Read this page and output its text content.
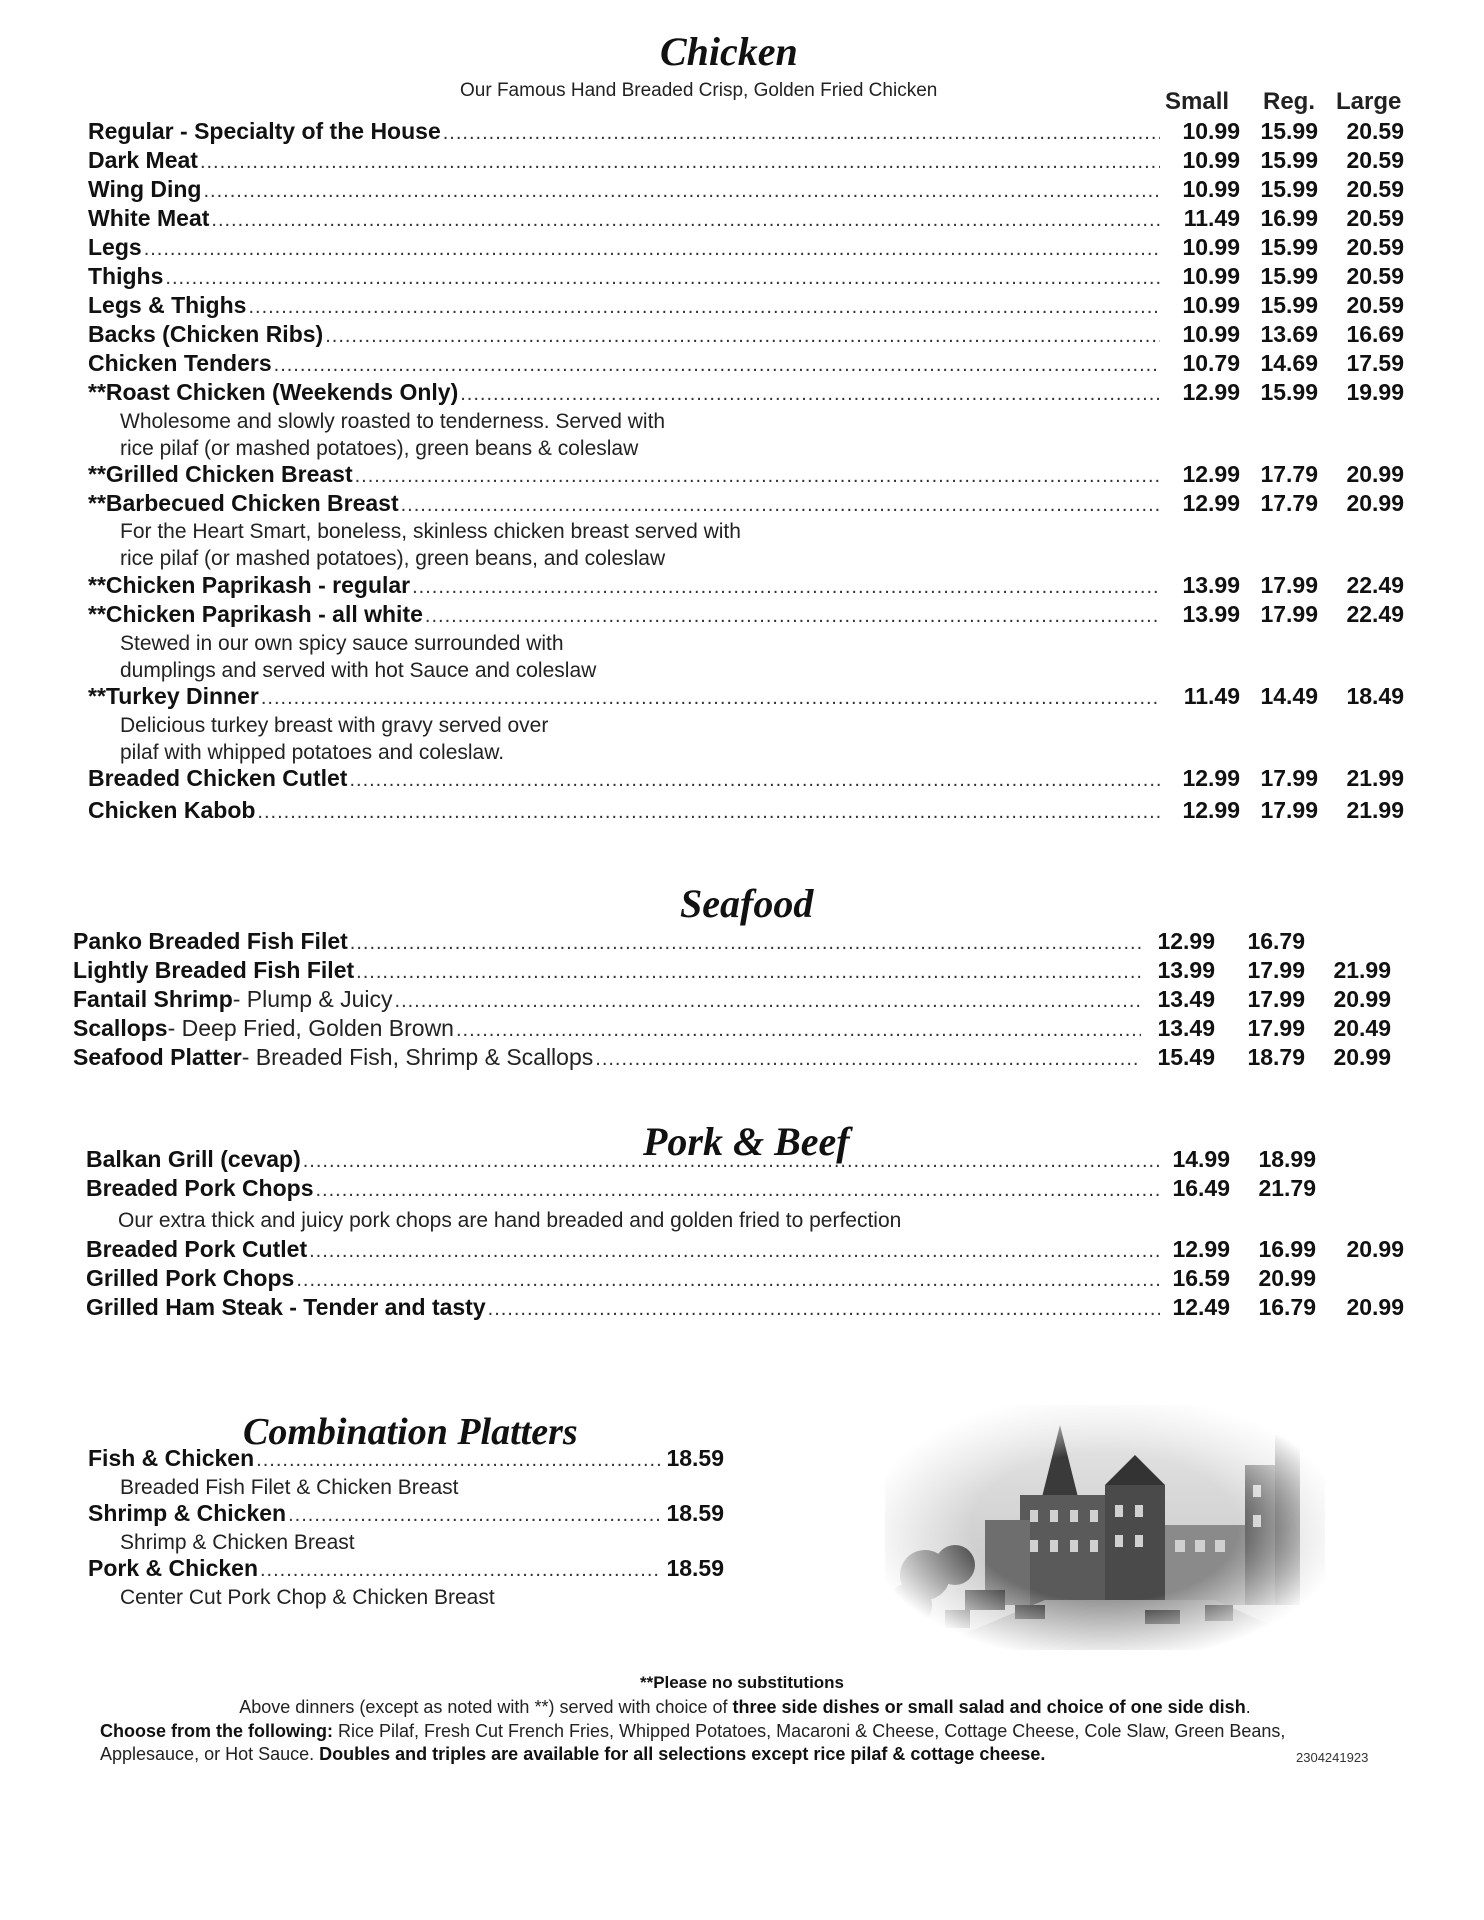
Chicken
Our Famous Hand Breaded Crisp, Golden Fried Chicken	Small Reg. Large
Regular - Specialty of the House .....	10.99 15.99	20.59
Dark Meat .....	10.99 15.99	20.59
Wing Ding .....	10.99 15.99	20.59
White Meat .....	11.49 16.99	20.59
Legs .....	10.99 15.99	20.59
Thighs .....	10.99 15.99	20.59
Legs & Thighs .....	10.99 15.99	20.59
Backs (Chicken Ribs) .....	10.99 13.69	16.69
Chicken Tenders .....	10.79 14.69	17.59
**Roast Chicken (Weekends Only) .....	12.99 15.99	19.99
**Grilled Chicken Breast .....	12.99 17.79	20.99
**Barbecued Chicken Breast .....	12.99 17.79	20.99
**Chicken Paprikash - regular .....	13.99 17.99	22.49
**Chicken Paprikash - all white .....	13.99 17.99	22.49
**Turkey Dinner .....	11.49 14.49	18.49
Breaded Chicken Cutlet .....	12.99 17.99	21.99
Chicken Kabob .....	12.99 17.99	21.99
Wholesome and slowly roasted to tenderness. Served with
rice pilaf (or mashed potatoes), green beans & coleslaw
For the Heart Smart, boneless, skinless chicken breast served with
rice pilaf (or mashed potatoes), green beans, and coleslaw
Stewed in our own spicy sauce surrounded with
dumplings and served with hot Sauce and coleslaw
Delicious turkey breast with gravy served over
pilaf with whipped potatoes and coleslaw.
Seafood
Panko Breaded Fish Filet .....	12.99	16.79
Lightly Breaded Fish Filet .....	13.99	17.99	21.99
Fantail Shrimp - Plump & Juicy .....	13.49	17.99	20.99
Scallops - Deep Fried, Golden Brown .....	13.49	17.99	20.49
Seafood Platter - Breaded Fish, Shrimp & Scallops .....	15.49	18.79	20.99
Pork & Beef
Balkan Grill (cevap) .....	14.99	18.99
Breaded Pork Chops .....	16.49	21.79
Breaded Pork Cutlet .....	12.99	16.99	20.99
Grilled Pork Chops .....	16.59	20.99
Grilled Ham Steak - Tender and tasty .....	12.49	16.79	20.99
Our extra thick and juicy pork chops are hand breaded and golden fried to perfection
Combination Platters
Fish & Chicken .....	18.59
Breaded Fish Filet & Chicken Breast
Shrimp & Chicken .....	18.59
Shrimp & Chicken Breast
Pork & Chicken .....	18.59
Center Cut Pork Chop & Chicken Breast
**Please no substitutions
Above dinners (except as noted with **) served with choice of three side dishes or small salad and choice of one side dish.
Choose from the following: Rice Pilaf, Fresh Cut French Fries, Whipped Potatoes, Macaroni & Cheese, Cottage Cheese, Cole Slaw, Green Beans, Applesauce, or Hot Sauce. Doubles and triples are available for all selections except rice pilaf & cottage cheese.	2304241923
